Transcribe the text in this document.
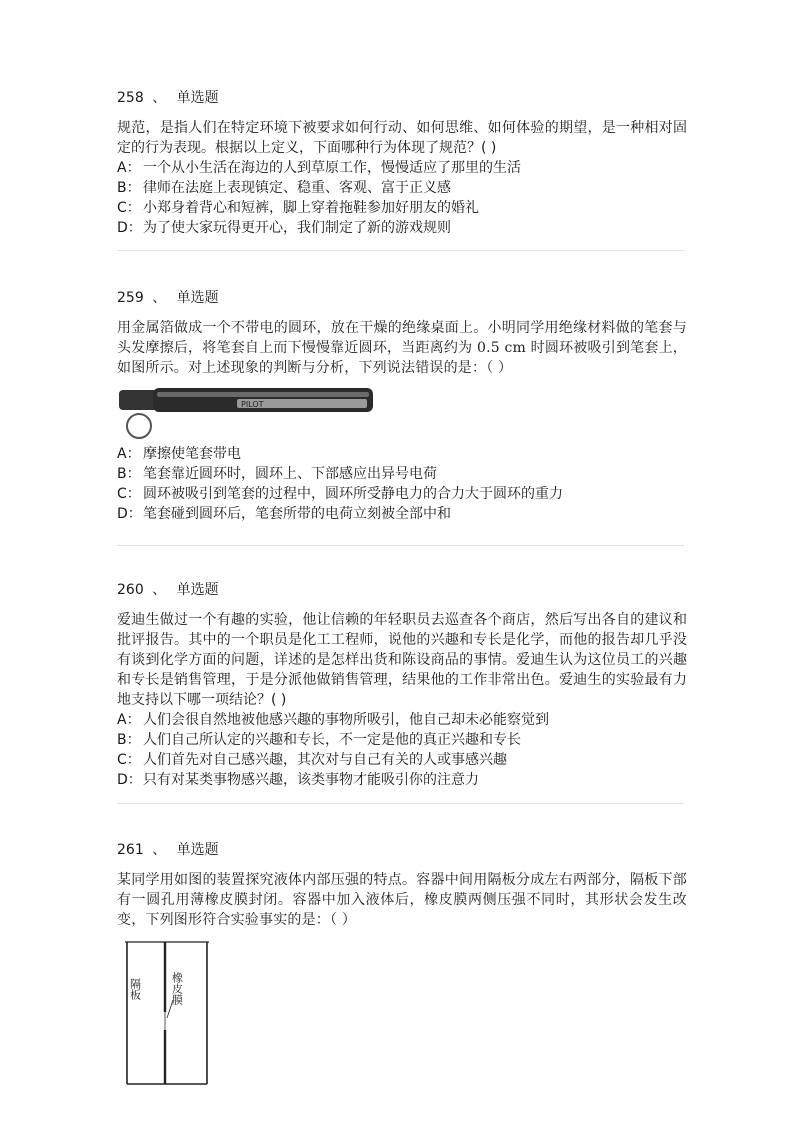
258 、 单选题
规范，是指人们在特定环境下被要求如何行动、如何思维、如何体验的期望，是一种相对固定的行为表现。根据以上定义，下面哪种行为体现了规范？( )
A： 一个从小生活在海边的人到草原工作，慢慢适应了那里的生活
B： 律师在法庭上表现镇定、稳重、客观、富于正义感
C： 小郑身着背心和短裤，脚上穿着拖鞋参加好朋友的婚礼
D：为了使大家玩得更开心，我们制定了新的游戏规则
259 、 单选题
用金属箔做成一个不带电的圆环，放在干燥的绝缘桌面上。小明同学用绝缘材料做的笔套与头发摩擦后，将笔套自上而下慢慢靠近圆环，当距离约为 0.5 cm 时圆环被吸引到笔套上，如图所示。对上述现象的判断与分析，下列说法错误的是：（ ）
PILOT
A： 摩擦使笔套带电
B： 笔套靠近圆环时，圆环上、下部感应出异号电荷
C： 圆环被吸引到笔套的过程中，圆环所受静电力的合力大于圆环的重力
D：笔套碰到圆环后，笔套所带的电荷立刻被全部中和
260 、 单选题
爱迪生做过一个有趣的实验，他让信赖的年轻职员去巡查各个商店，然后写出各自的建议和批评报告。其中的一个职员是化工工程师，说他的兴趣和专长是化学，而他的报告却几乎没有谈到化学方面的问题，详述的是怎样出货和陈设商品的事情。爱迪生认为这位员工的兴趣和专长是销售管理，于是分派他做销售管理，结果他的工作非常出色。爱迪生的实验最有力地支持以下哪一项结论？( )
A： 人们会很自然地被他感兴趣的事物所吸引，他自己却未必能察觉到
B： 人们自己所认定的兴趣和专长，不一定是他的真正兴趣和专长
C： 人们首先对自己感兴趣，其次对与自己有关的人或事感兴趣
D：只有对某类事物感兴趣，该类事物才能吸引你的注意力
261 、 单选题
某同学用如图的装置探究液体内部压强的特点。容器中间用隔板分成左右两部分，隔板下部有一圆孔用薄橡皮膜封闭。容器中加入液体后，橡皮膜两侧压强不同时，其形状会发生改变，下列图形符合实验事实的是：（ ）
隔板	橡皮膜
